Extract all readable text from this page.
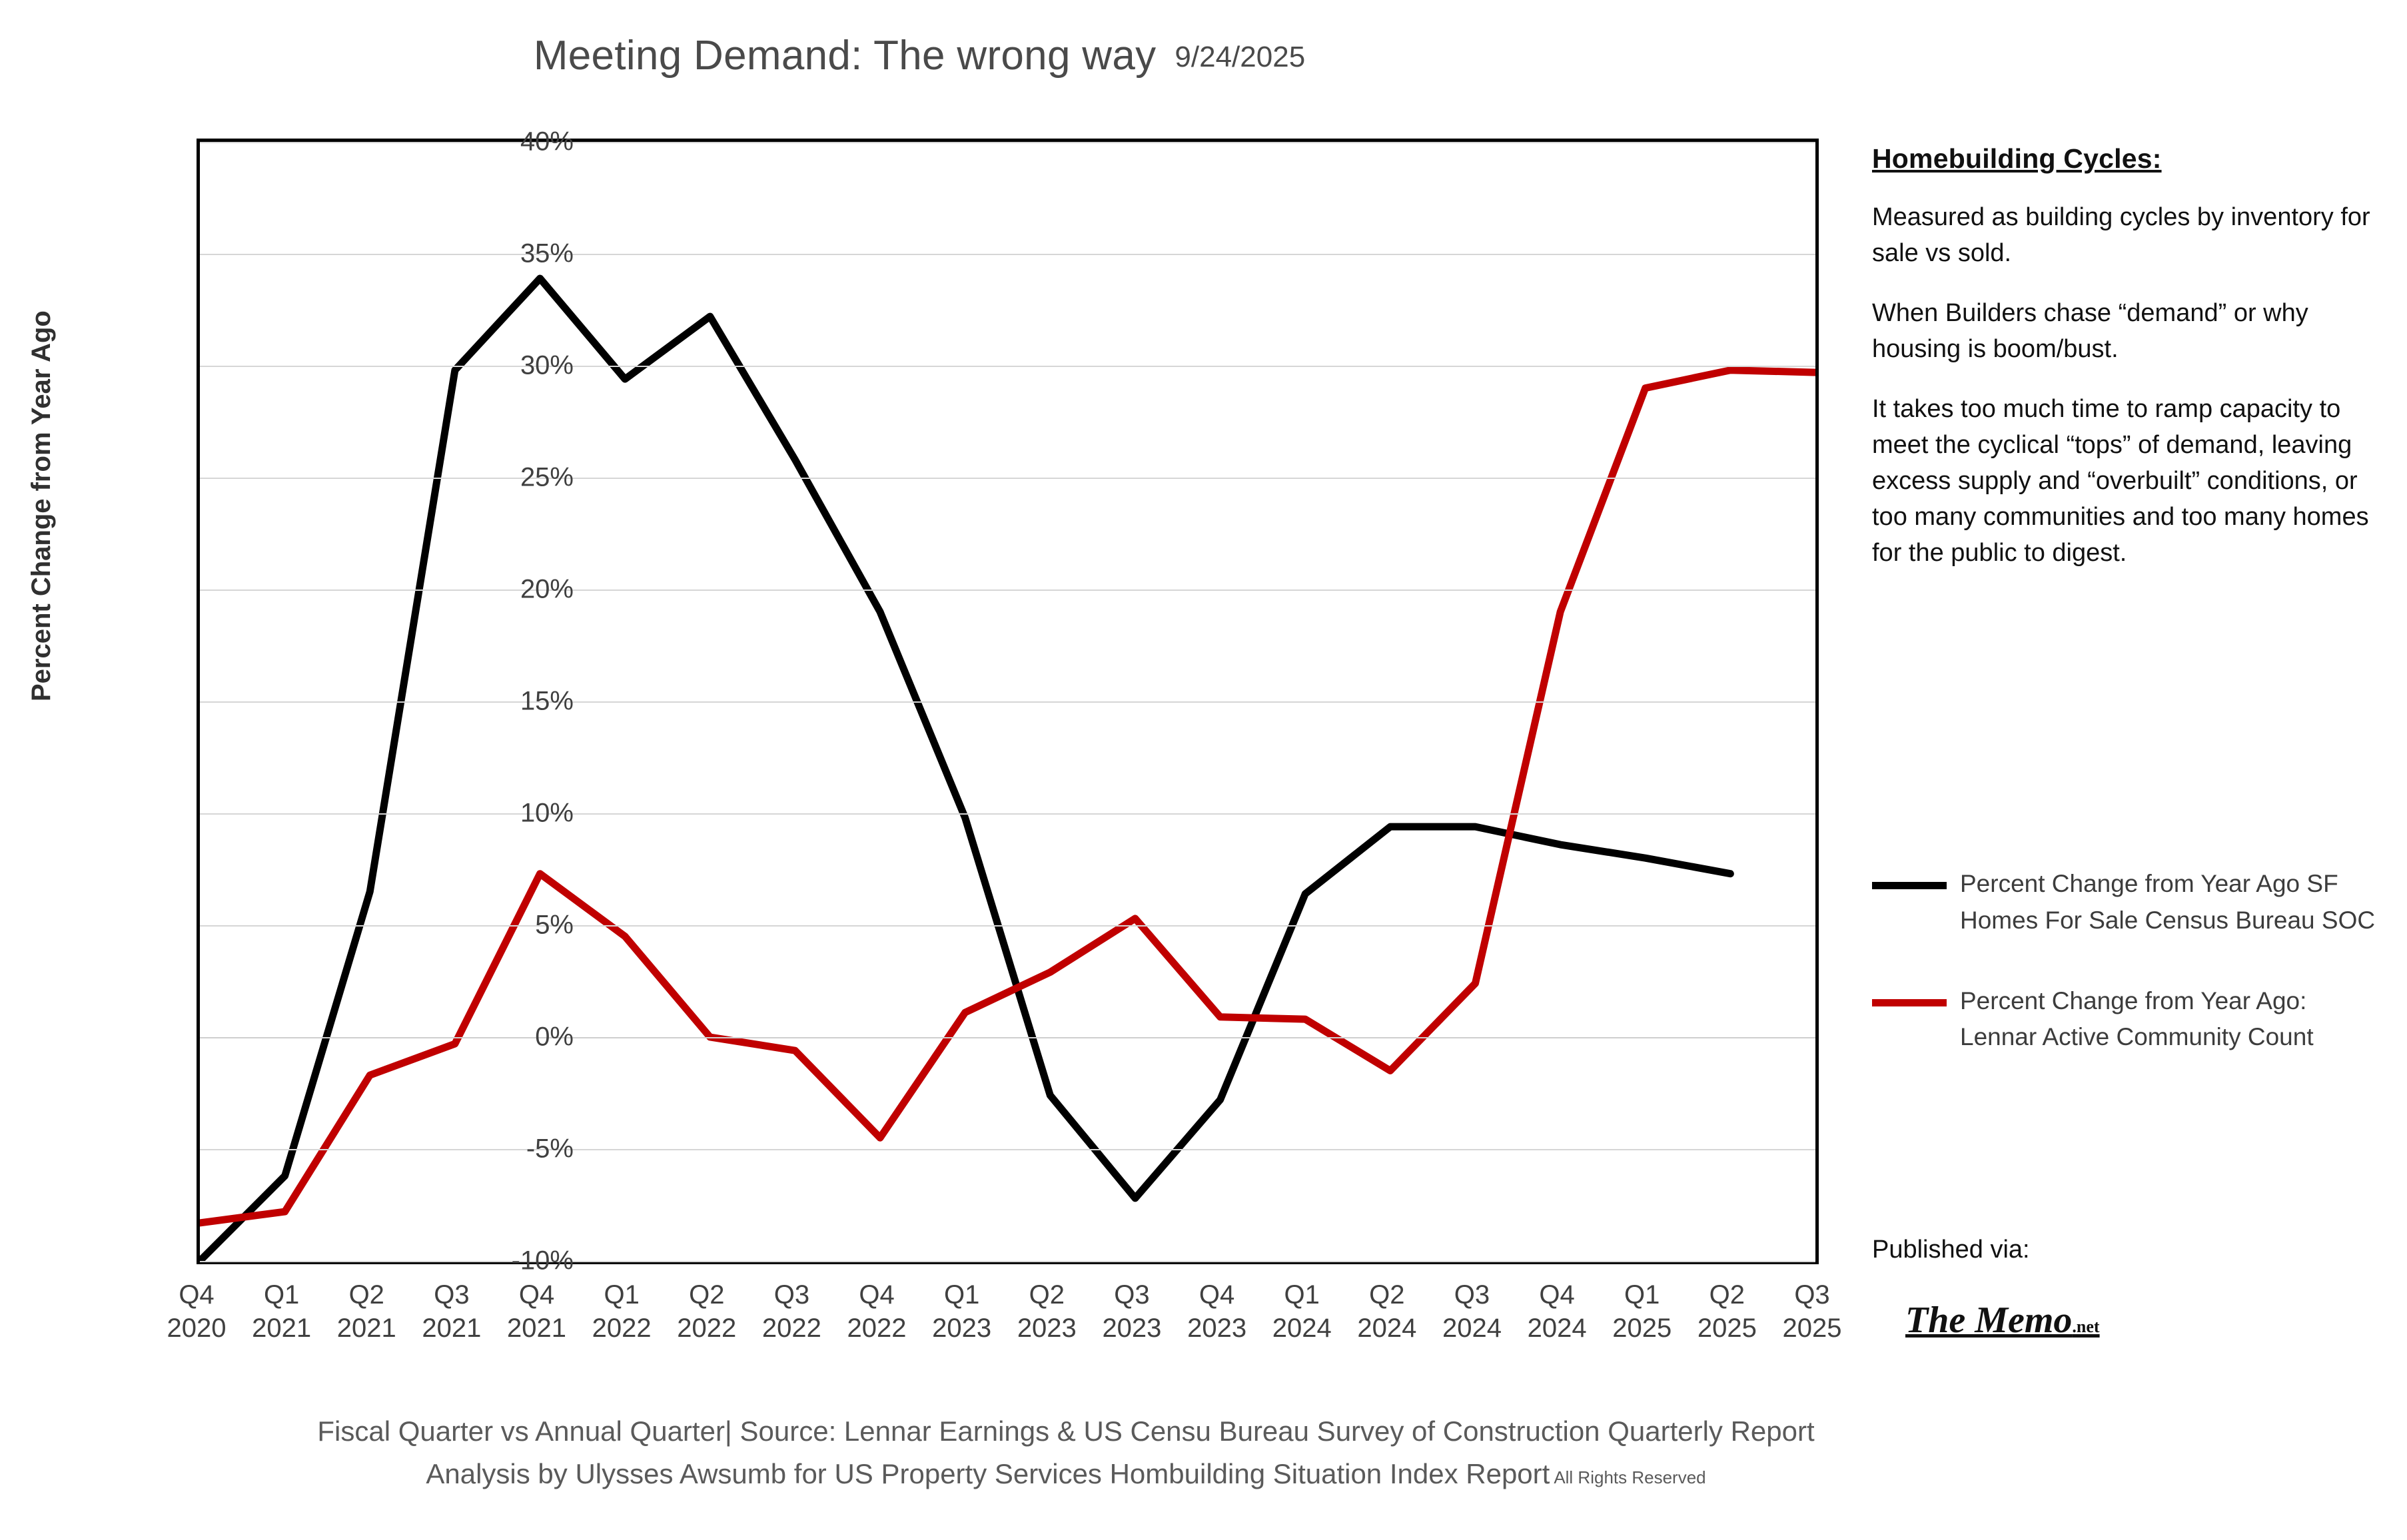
Meeting Demand: The wrong way 9/24/2025
Percent Change from Year Ago
40%
35%
30%
25%
20%
15%
10%
5%
0%
-5%
-10%
Q4
2020
Q1
2021
Q2
2021
Q3
2021
Q4
2021
Q1
2022
Q2
2022
Q3
2022
Q4
2022
Q1
2023
Q2
2023
Q3
2023
Q4
2023
Q1
2024
Q2
2024
Q3
2024
Q4
2024
Q1
2025
Q2
2025
Q3
2025
Homebuilding Cycles:
Measured as building cycles by inventory for sale vs sold.
When Builders chase “demand” or why housing is boom/bust.
It takes too much time to ramp capacity to meet the cyclical “tops” of demand, leaving excess supply and “overbuilt” conditions, or too many communities and too many homes for the public to digest.
Percent Change from Year Ago SF Homes For Sale Census Bureau SOC
Percent Change from Year Ago: Lennar Active Community Count
Published via:
The Memo.net
Fiscal Quarter vs Annual Quarter| Source: Lennar Earnings & US Censu Bureau Survey of Construction Quarterly Report
Analysis by Ulysses Awsumb for US Property Services Hombuilding Situation Index Report All Rights Reserved
